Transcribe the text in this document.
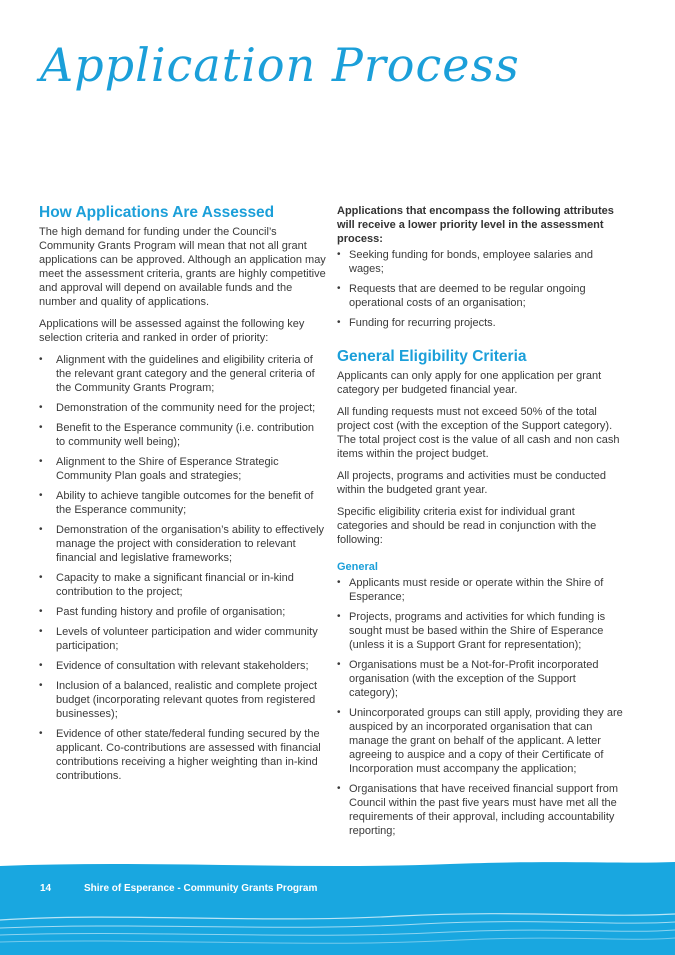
Application Process
How Applications Are Assessed

The high demand for funding under the Council’s Community Grants Program will mean that not all grant applications can be approved. Although an application may meet the assessment criteria, grants are highly competitive and approval will depend on available funds and the number and quality of applications.

Applications will be assessed against the following key selection criteria and ranked in order of priority:

• Alignment with the guidelines and eligibility criteria of the relevant grant category and the general criteria of the Community Grants Program;
• Demonstration of the community need for the project;
• Benefit to the Esperance community (i.e. contribution to community well being);
• Alignment to the Shire of Esperance Strategic Community Plan goals and strategies;
• Ability to achieve tangible outcomes for the benefit of the Esperance community;
• Demonstration of the organisation’s ability to effectively manage the project with consideration to relevant financial and legislative frameworks;
• Capacity to make a significant financial or in-kind contribution to the project;
• Past funding history and profile of organisation;
• Levels of volunteer participation and wider community participation;
• Evidence of consultation with relevant stakeholders;
• Inclusion of a balanced, realistic and complete project budget (incorporating relevant quotes from registered businesses);
• Evidence of other state/federal funding secured by the applicant. Co-contributions are assessed with financial contributions receiving a higher weighting than in-kind contributions.

Applications that encompass the following attributes will receive a lower priority level in the assessment process:

• Seeking funding for bonds, employee salaries and wages;
• Requests that are deemed to be regular ongoing operational costs of an organisation;
• Funding for recurring projects.
General Eligibility Criteria

Applicants can only apply for one application per grant category per budgeted financial year.

All funding requests must not exceed 50% of the total project cost (with the exception of the Support category). The total project cost is the value of all cash and non cash items within the project budget.

All projects, programs and activities must be conducted within the budgeted grant year.

Specific eligibility criteria exist for individual grant categories and should be read in conjunction with the following:

General
• Applicants must reside or operate within the Shire of Esperance;
• Projects, programs and activities for which funding is sought must be based within the Shire of Esperance (unless it is a Support Grant for representation);
• Organisations must be a Not-for-Profit incorporated organisation (with the exception of the Support category);
• Unincorporated groups can still apply, providing they are auspiced by an incorporated organisation that can manage the grant on behalf of the applicant. A letter agreeing to auspice and a copy of their Certificate of Incorporation must accompany the application;
• Organisations that have received financial support from Council within the past five years must have met all the requirements of their approval, including accountability reporting;
14	Shire of Esperance - Community Grants Program
